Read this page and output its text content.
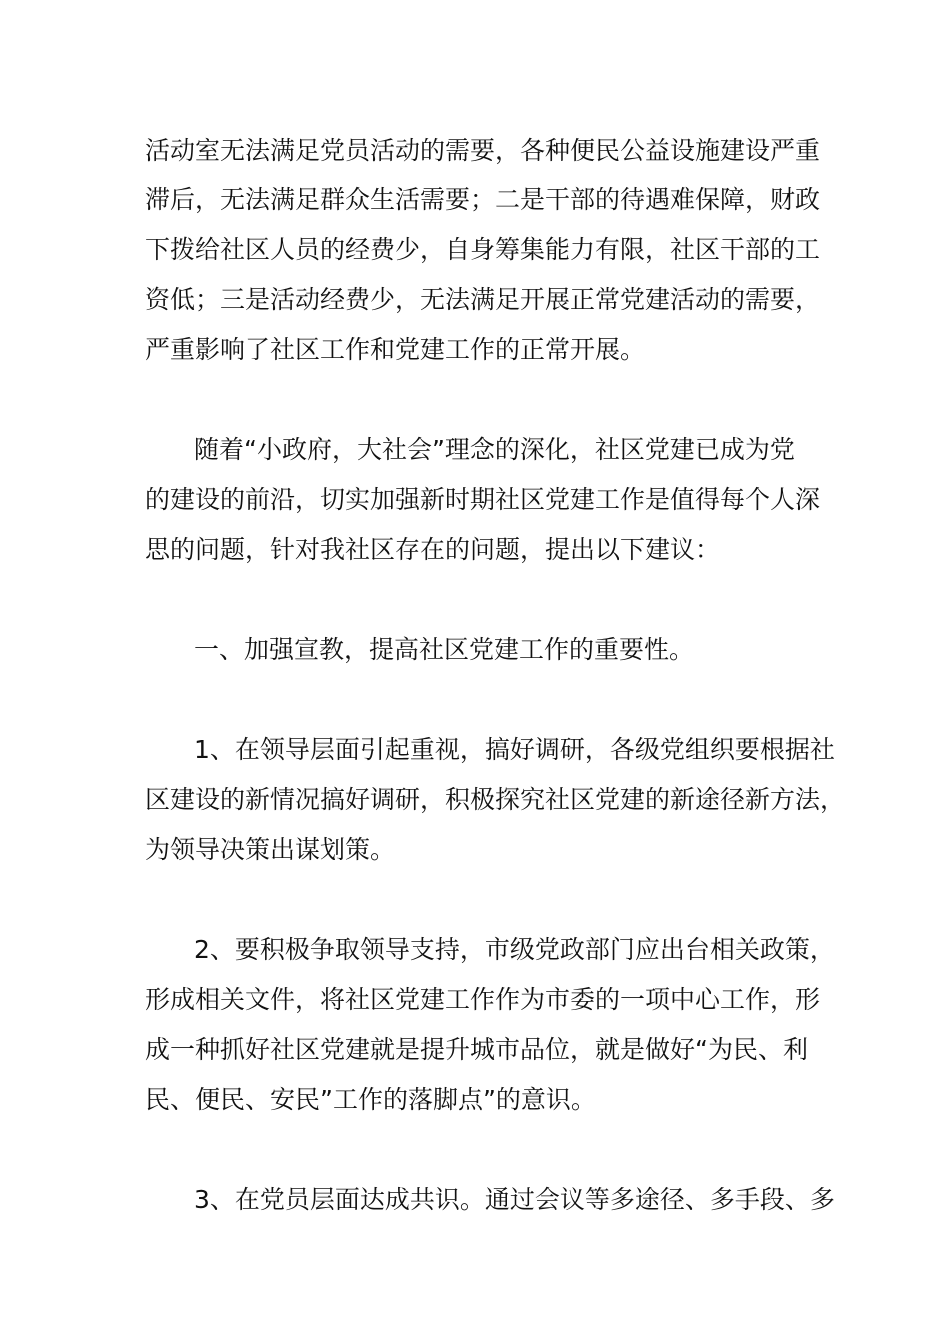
活动室无法满足党员活动的需要，各种便民公益设施建设严重

滞后，无法满足群众生活需要；二是干部的待遇难保障，财政

下拨给社区人员的经费少，自身筹集能力有限，社区干部的工

资低；三是活动经费少，无法满足开展正常党建活动的需要，

严重影响了社区工作和党建工作的正常开展。

随着“小政府，大社会”理念的深化，社区党建已成为党

的建设的前沿，切实加强新时期社区党建工作是值得每个人深

思的问题，针对我社区存在的问题，提出以下建议：

一、加强宣教，提高社区党建工作的重要性。

1、在领导层面引起重视，搞好调研，各级党组织要根据社

区建设的新情况搞好调研，积极探究社区党建的新途径新方法，

为领导决策出谋划策。

2、要积极争取领导支持，市级党政部门应出台相关政策，

形成相关文件，将社区党建工作作为市委的一项中心工作，形

成一种抓好社区党建就是提升城市品位，就是做好“为民、利

民、便民、安民”工作的落脚点”的意识。

3、在党员层面达成共识。通过会议等多途径、多手段、多
